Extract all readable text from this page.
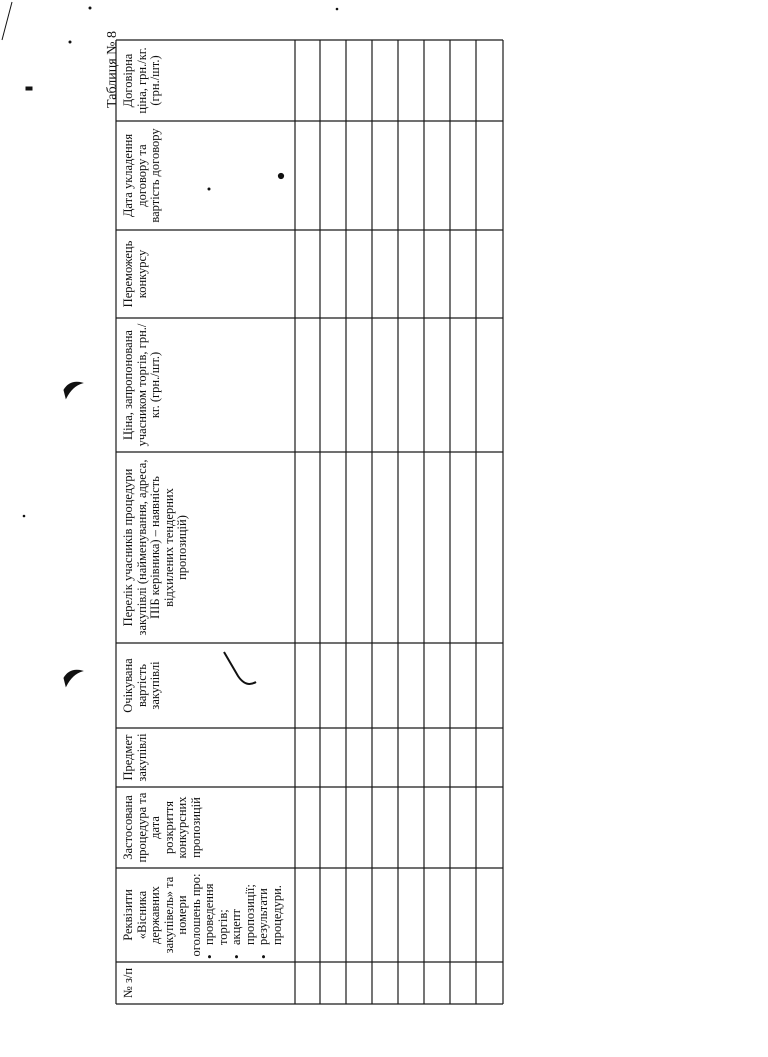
Таблиця № 8
№ з/п
Реквізити «Вісника державних закупівель» та номери оголошень про: • проведення торгів; • акцепт пропозиції; • результати процедури.
Застосована процедура та дата розкриття конкурсних пропозицій
Предмет закупівлі
Очікувана вартість закупівлі
Перелік учасників процедури закупівлі (найменування, адреса, ПІБ керівника) – наявність відхилених тендерних пропозицій)
Ціна, запропонована учасником торгів, грн./кг. (грн./шт.)
Переможець конкурсу
Дата укладення договору та вартість договору
Договірна ціна, грн./кг. (грн./шт.)
